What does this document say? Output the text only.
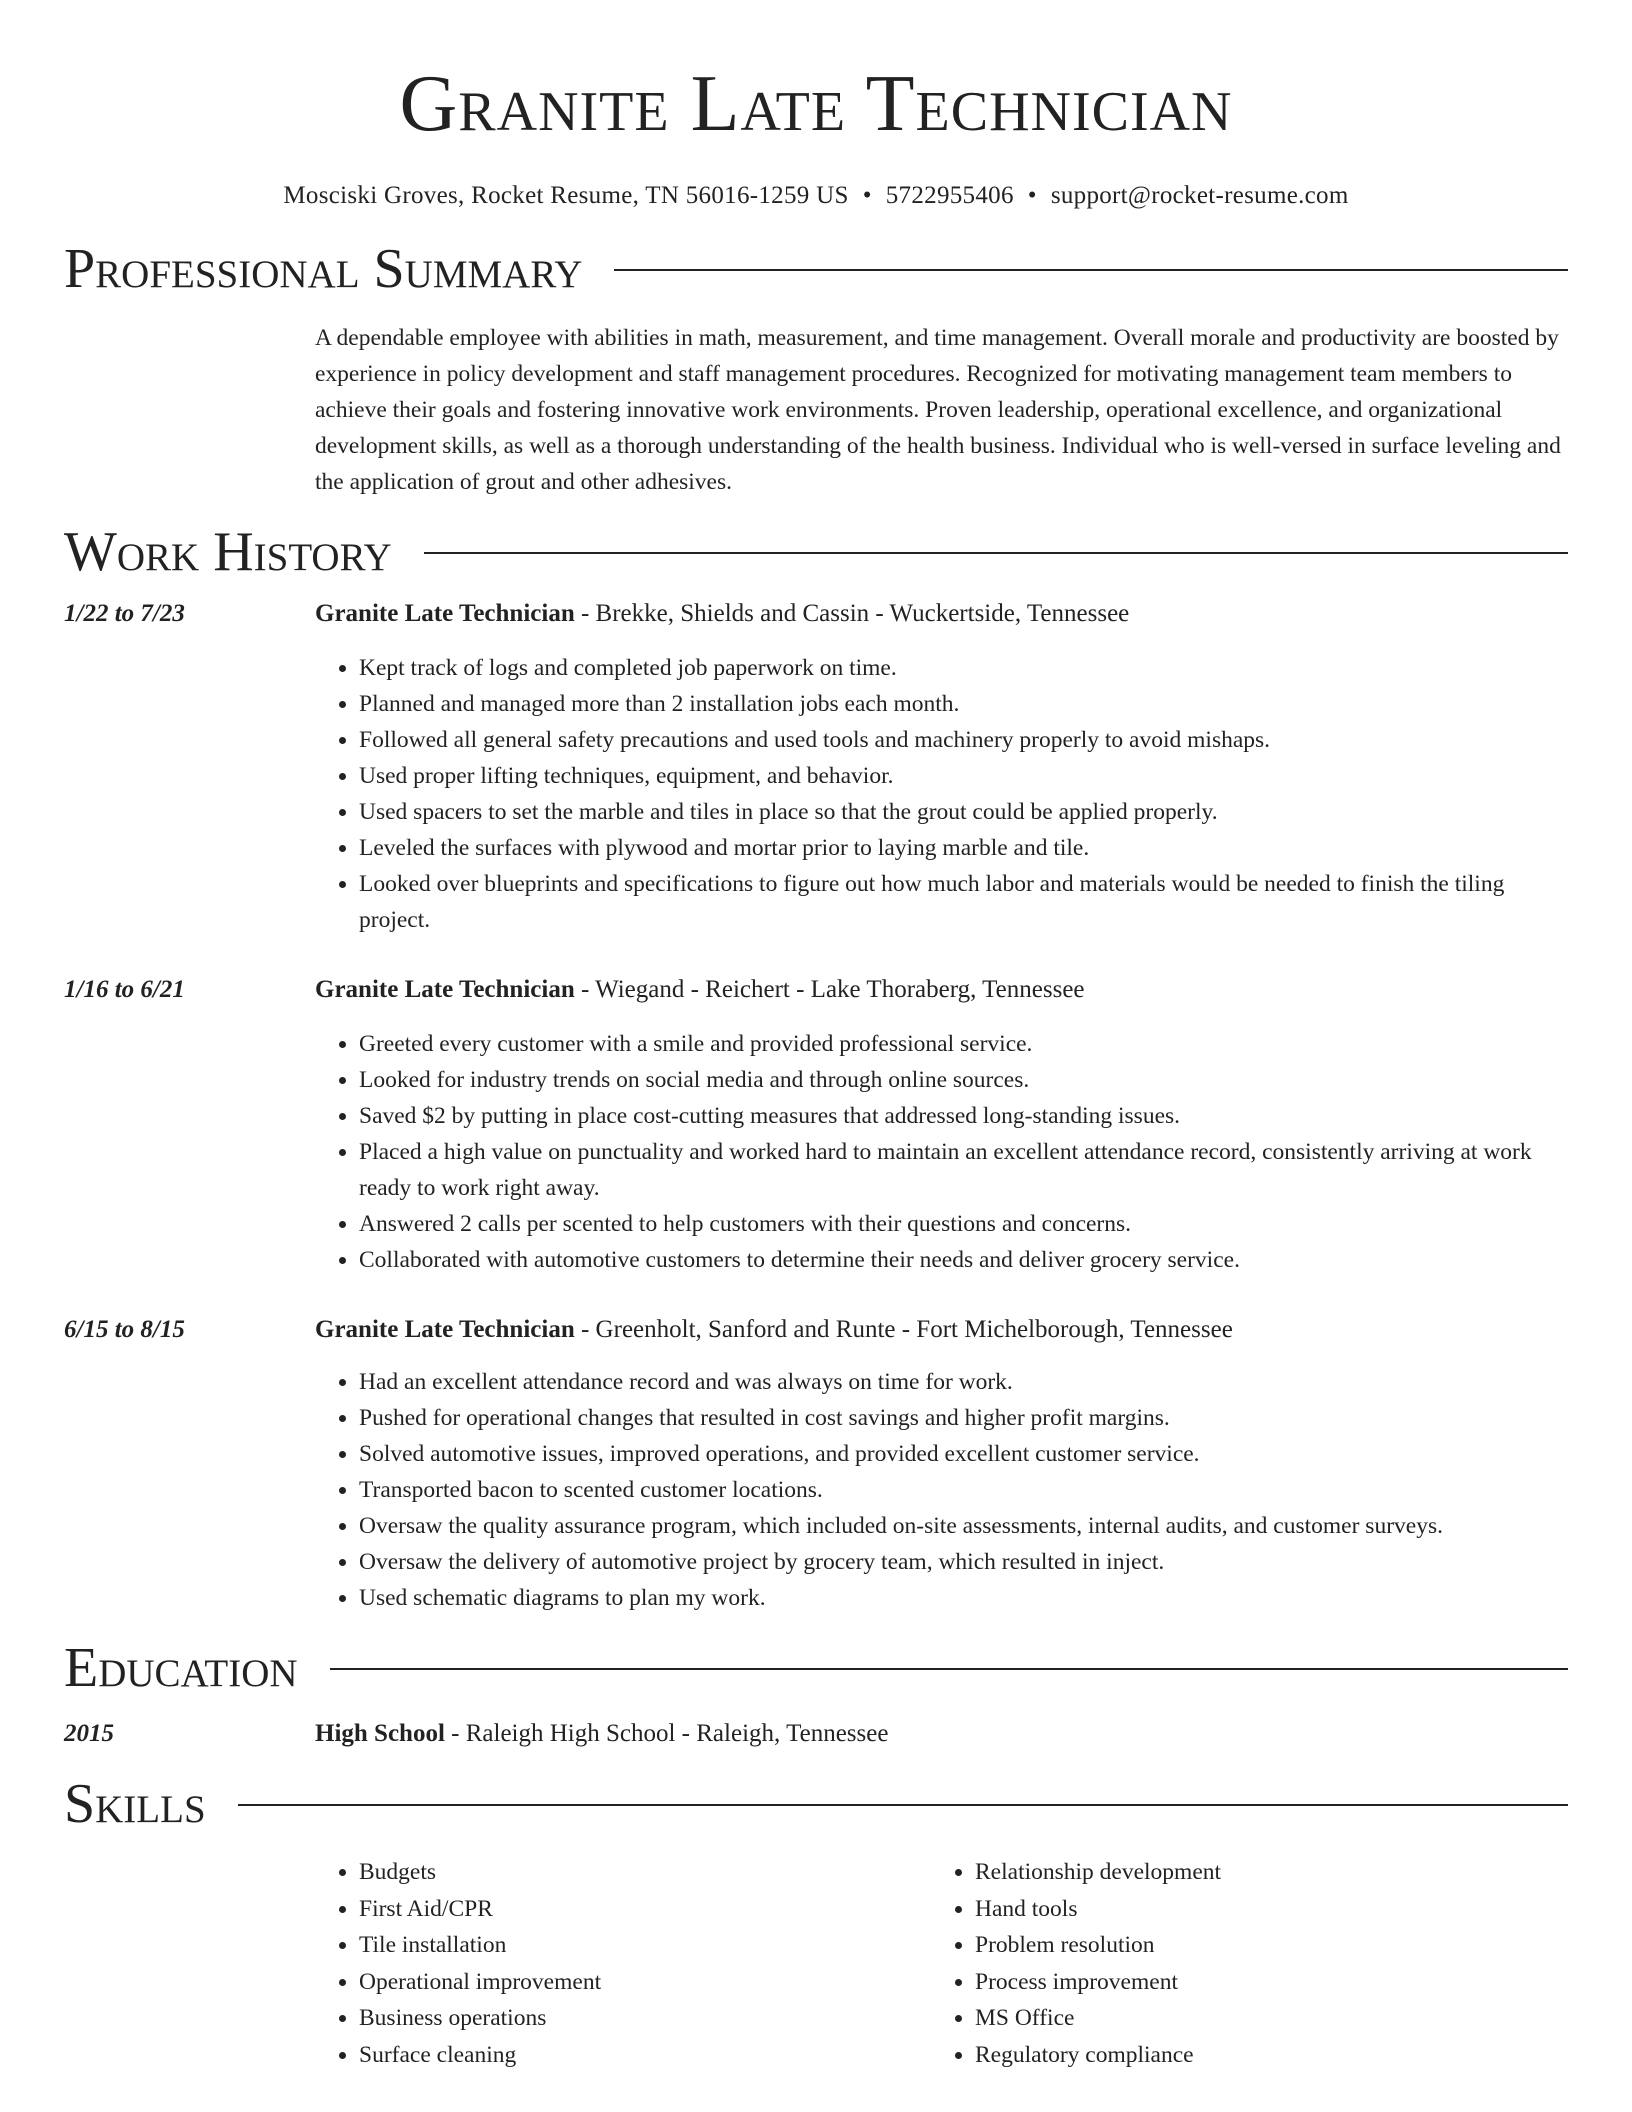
Granite Late Technician
Mosciski Groves, Rocket Resume, TN 56016-1259 US • 5722955406 • support@rocket-resume.com
Professional Summary
A dependable employee with abilities in math, measurement, and time management. Overall morale and productivity are boosted by experience in policy development and staff management procedures. Recognized for motivating management team members to achieve their goals and fostering innovative work environments. Proven leadership, operational excellence, and organizational development skills, as well as a thorough understanding of the health business. Individual who is well-versed in surface leveling and the application of grout and other adhesives.
Work History
1/22 to 7/23	Granite Late Technician - Brekke, Shields and Cassin - Wuckertside, Tennessee
• Kept track of logs and completed job paperwork on time.
• Planned and managed more than 2 installation jobs each month.
• Followed all general safety precautions and used tools and machinery properly to avoid mishaps.
• Used proper lifting techniques, equipment, and behavior.
• Used spacers to set the marble and tiles in place so that the grout could be applied properly.
• Leveled the surfaces with plywood and mortar prior to laying marble and tile.
• Looked over blueprints and specifications to figure out how much labor and materials would be needed to finish the tiling project.
1/16 to 6/21	Granite Late Technician - Wiegand - Reichert - Lake Thoraberg, Tennessee
• Greeted every customer with a smile and provided professional service.
• Looked for industry trends on social media and through online sources.
• Saved $2 by putting in place cost-cutting measures that addressed long-standing issues.
• Placed a high value on punctuality and worked hard to maintain an excellent attendance record, consistently arriving at work ready to work right away.
• Answered 2 calls per scented to help customers with their questions and concerns.
• Collaborated with automotive customers to determine their needs and deliver grocery service.
6/15 to 8/15	Granite Late Technician - Greenholt, Sanford and Runte - Fort Michelborough, Tennessee
• Had an excellent attendance record and was always on time for work.
• Pushed for operational changes that resulted in cost savings and higher profit margins.
• Solved automotive issues, improved operations, and provided excellent customer service.
• Transported bacon to scented customer locations.
• Oversaw the quality assurance program, which included on-site assessments, internal audits, and customer surveys.
• Oversaw the delivery of automotive project by grocery team, which resulted in inject.
• Used schematic diagrams to plan my work.
Education
2015	High School - Raleigh High School - Raleigh, Tennessee
Skills
• Budgets
• First Aid/CPR
• Tile installation
• Operational improvement
• Business operations
• Surface cleaning
• Relationship development
• Hand tools
• Problem resolution
• Process improvement
• MS Office
• Regulatory compliance
